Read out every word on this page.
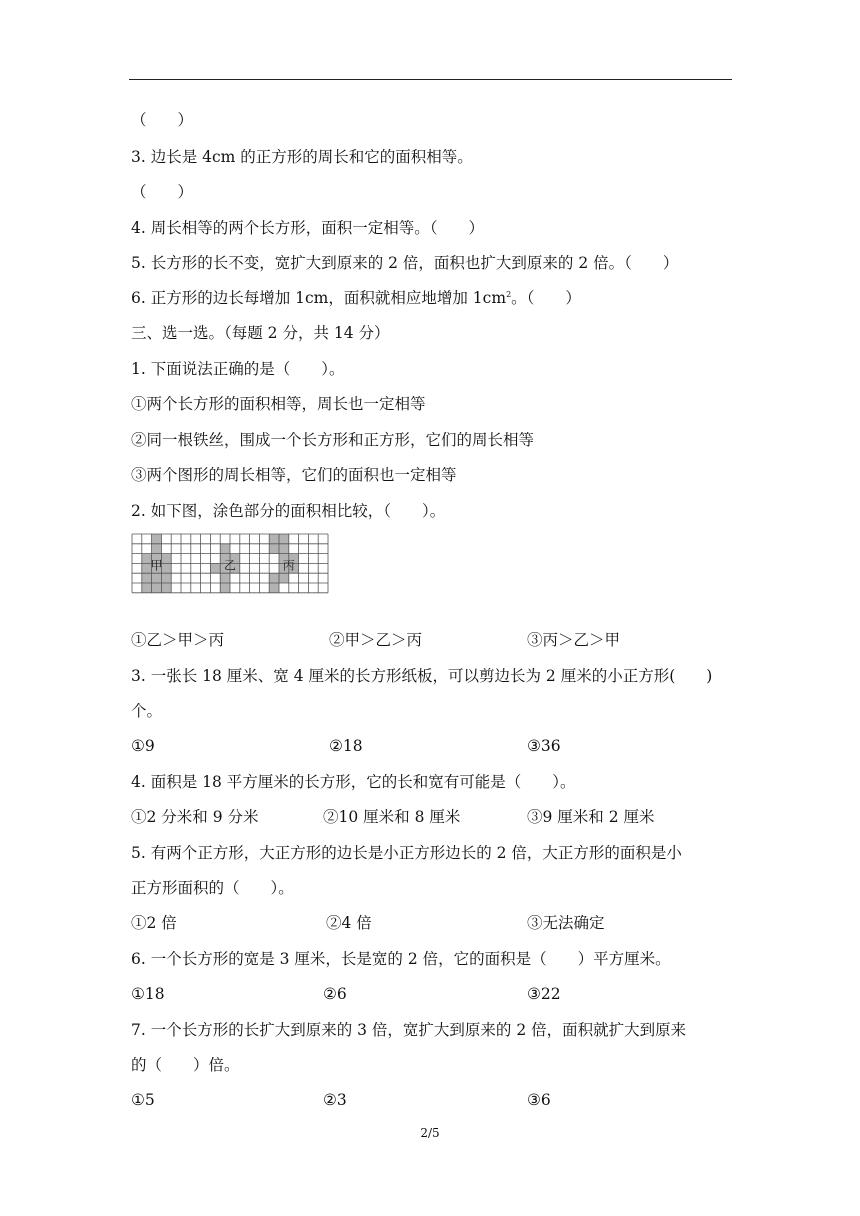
（　　）
3. 边长是 4cm 的正方形的周长和它的面积相等。
（　　）
4. 周长相等的两个长方形，面积一定相等。（　　）
5. 长方形的长不变，宽扩大到原来的 2 倍，面积也扩大到原来的 2 倍。（　　）
6. 正方形的边长每增加 1cm，面积就相应地增加 $1cm^2$。（　　）
三、选一选。（每题 2 分，共 14 分）
1. 下面说法正确的是（　　）。
①两个长方形的面积相等，周长也一定相等
②同一根铁丝，围成一个长方形和正方形，它们的周长相等
③两个图形的周长相等，它们的面积也一定相等
2. 如下图，涂色部分的面积相比较，（　　）。
甲	乙	丙
①乙＞甲＞丙	②甲＞乙＞丙	③丙＞乙＞甲
3. 一张长 18 厘米、宽 4 厘米的长方形纸板，可以剪边长为 2 厘米的小正方形(　　)
个。
①9	②18	③36
4. 面积是 18 平方厘米的长方形，它的长和宽有可能是（　　）。
①2 分米和 9 分米	②10 厘米和 8 厘米	③9 厘米和 2 厘米
5. 有两个正方形，大正方形的边长是小正方形边长的 2 倍，大正方形的面积是小
正方形面积的（　　）。
①2 倍	②4 倍	③无法确定
6. 一个长方形的宽是 3 厘米，长是宽的 2 倍，它的面积是（　　）平方厘米。
①18	②6	③22
7. 一个长方形的长扩大到原来的 3 倍，宽扩大到原来的 2 倍，面积就扩大到原来
的（　　）倍。
①5	②3	③6
2/5
